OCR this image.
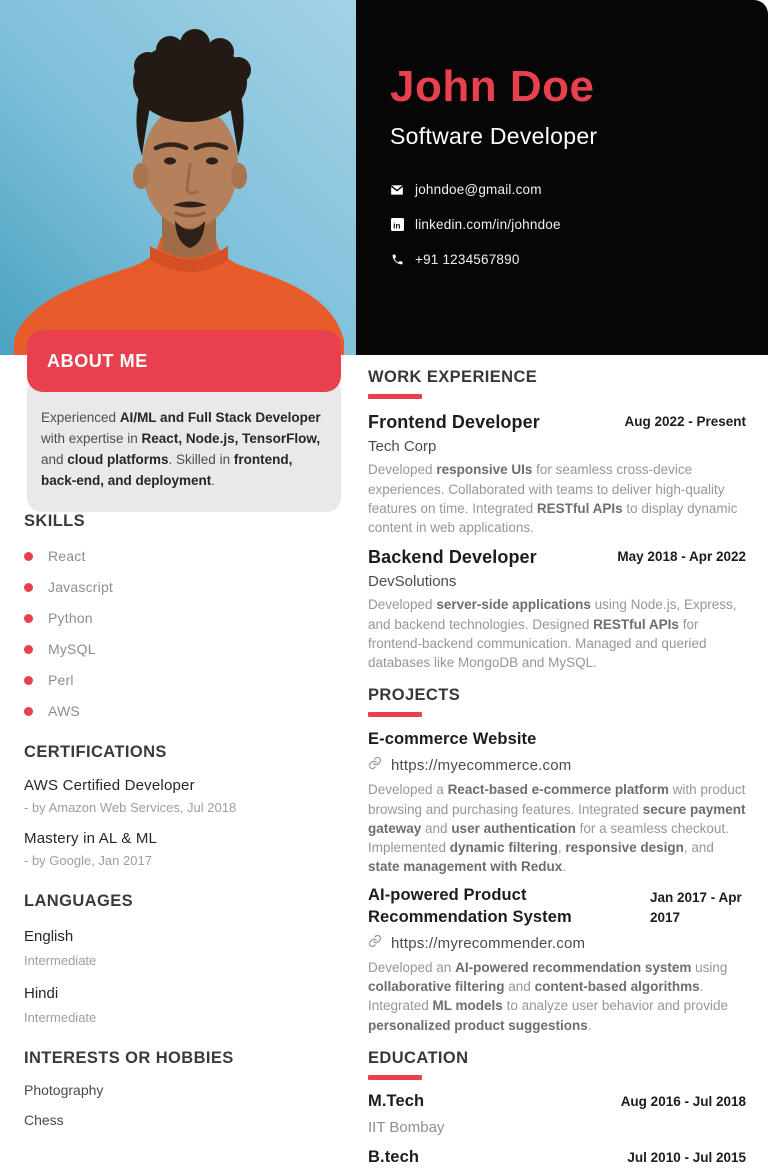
John Doe
Software Developer
johndoe@gmail.com
in linkedin.com/in/johndoe
+91 1234567890
ABOUT ME
Experienced AI/ML and Full Stack Developer with expertise in React, Node.js, TensorFlow, and cloud platforms. Skilled in frontend, back-end, and deployment.
SKILLS
React
Javascript
Python
MySQL
Perl
AWS
CERTIFICATIONS
AWS Certified Developer
- by Amazon Web Services, Jul 2018
Mastery in AL & ML
- by Google, Jan 2017
LANGUAGES
English
Intermediate
Hindi
Intermediate
INTERESTS OR HOBBIES
Photography
Chess
WORK EXPERIENCE
Frontend Developer	Aug 2022 - Present
Tech Corp
Developed responsive UIs for seamless cross-device experiences. Collaborated with teams to deliver high-quality features on time. Integrated RESTful APIs to display dynamic content in web applications.
Backend Developer	May 2018 - Apr 2022
DevSolutions
Developed server-side applications using Node.js, Express, and backend technologies. Designed RESTful APIs for frontend-backend communication. Managed and queried databases like MongoDB and MySQL.
PROJECTS
E-commerce Website
https://myecommerce.com
Developed a React-based e-commerce platform with product browsing and purchasing features. Integrated secure payment gateway and user authentication for a seamless checkout. Implemented dynamic filtering, responsive design, and state management with Redux.
AI-powered Product Recommendation System
Jan 2017 - Apr 2017
https://myrecommender.com
Developed an AI-powered recommendation system using collaborative filtering and content-based algorithms. Integrated ML models to analyze user behavior and provide personalized product suggestions.
EDUCATION
M.Tech	Aug 2016 - Jul 2018
IIT Bombay
B.tech	Jul 2010 - Jul 2015
